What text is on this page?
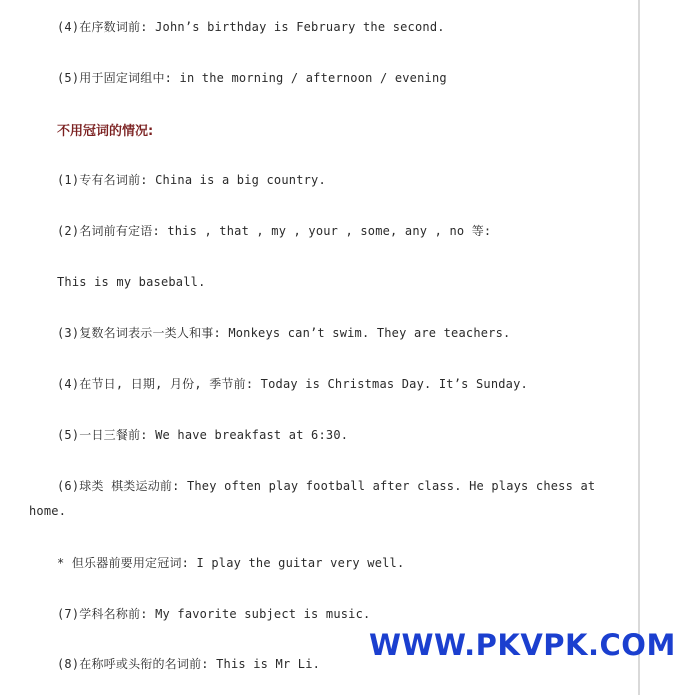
(4)在序数词前: John’s birthday is February the second.
(5)用于固定词组中: in the morning / afternoon / evening
不用冠词的情况:
(1)专有名词前: China is a big country.
(2)名词前有定语: this , that , my , your , some, any , no 等:
This is my baseball.
(3)复数名词表示一类人和事: Monkeys can’t swim. They are teachers.
(4)在节日, 日期, 月份, 季节前: Today is Christmas Day. It’s Sunday.
(5)一日三餐前: We have breakfast at 6:30.
(6)球类 棋类运动前: They often play football after class. He plays chess at
home.
* 但乐器前要用定冠词: I play the guitar very well.
(7)学科名称前: My favorite subject is music.
(8)在称呼或头衔的名词前: This is Mr Li.
WWW.PKVPK.COM
